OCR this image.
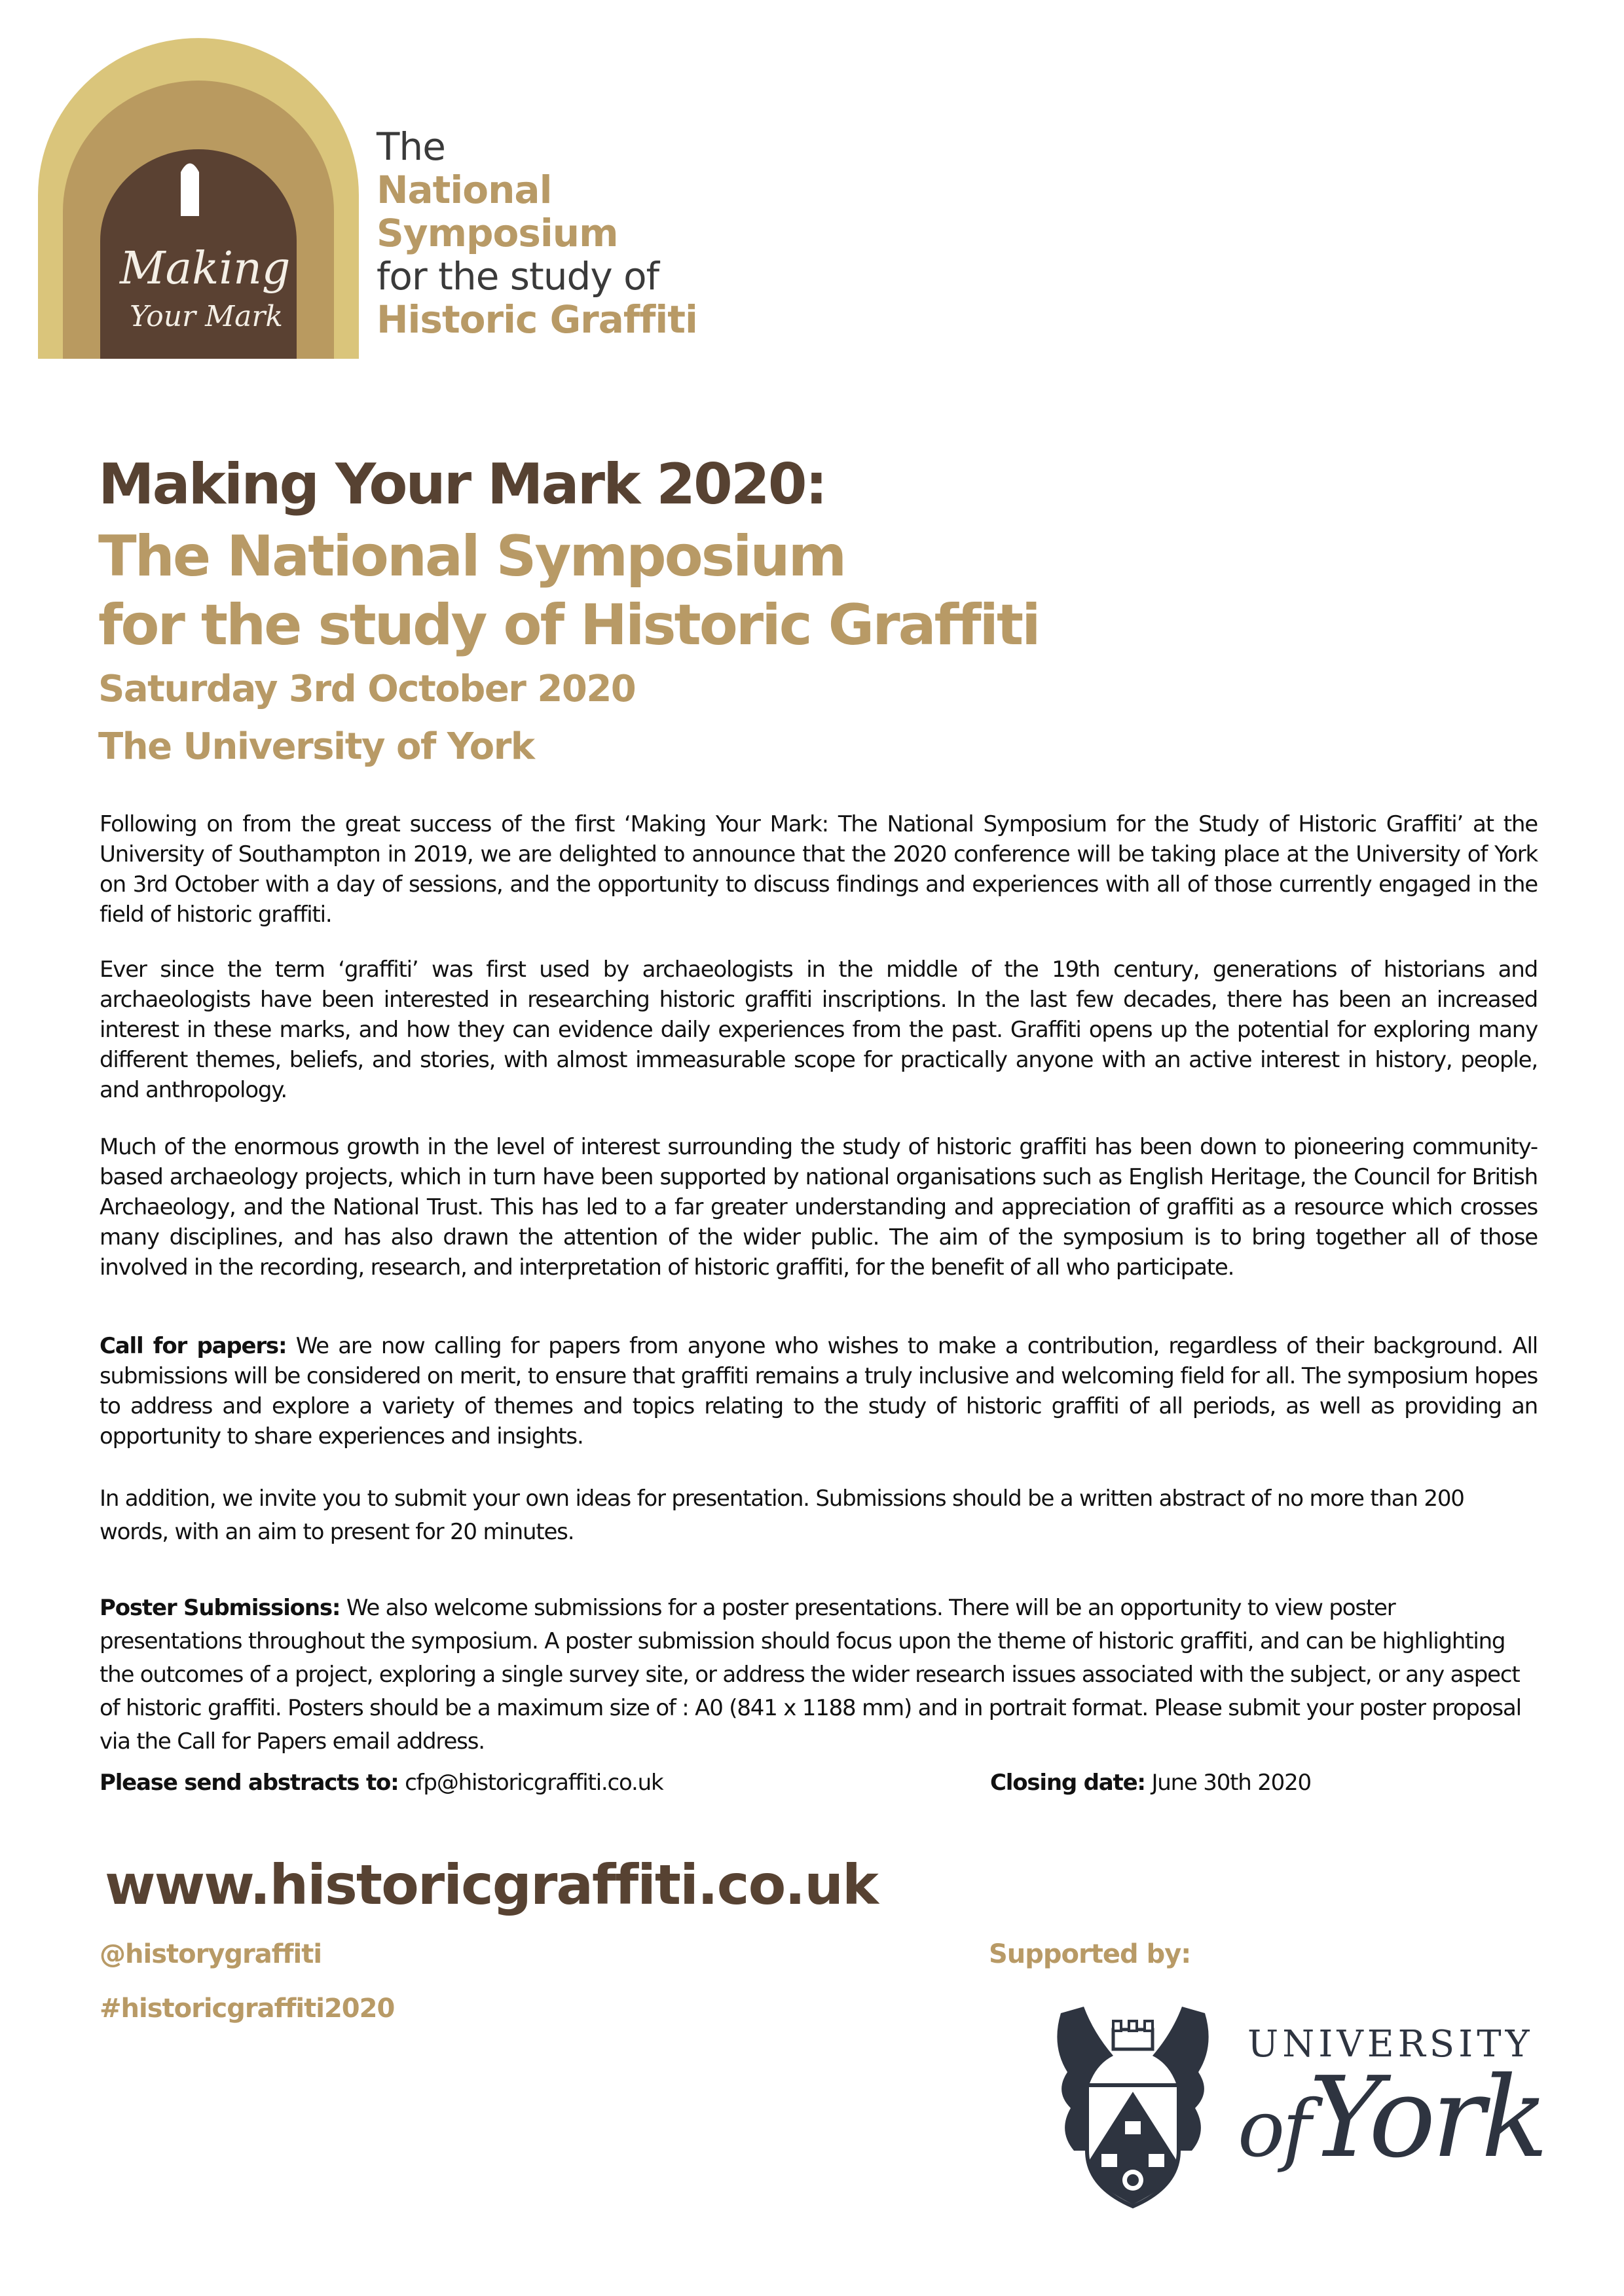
Making
Your Mark
The
National
Symposium
for the study of
Historic Graffiti
Making Your Mark 2020:
The National Symposium
for the study of Historic Graffiti
Saturday 3rd October 2020
The University of York
Following on from the great success of the first ‘Making Your Mark: The National Symposium for the Study of Historic Graffiti’ at the University of Southampton in 2019, we are delighted to announce that the 2020 conference will be taking place at the University of York on 3rd October with a day of sessions, and the opportunity to discuss findings and experiences with all of those currently engaged in the field of historic graffiti.
Ever since the term ‘graffiti’ was first used by archaeologists in the middle of the 19th century, generations of historians and archaeologists have been interested in researching historic graffiti inscriptions. In the last few decades, there has been an increased interest in these marks, and how they can evidence daily experiences from the past. Graffiti opens up the potential for exploring many different themes, beliefs, and stories, with almost immeasurable scope for practically anyone with an active interest in history, people, and anthropology.
Much of the enormous growth in the level of interest surrounding the study of historic graffiti has been down to pioneering community-based archaeology projects, which in turn have been supported by national organisations such as English Heritage, the Council for British Archaeology, and the National Trust. This has led to a far greater understanding and appreciation of graffiti as a resource which crosses many disciplines, and has also drawn the attention of the wider public. The aim of the symposium is to bring together all of those involved in the recording, research, and interpretation of historic graffiti, for the benefit of all who participate.
Call for papers: We are now calling for papers from anyone who wishes to make a contribution, regardless of their background. All submissions will be considered on merit, to ensure that graffiti remains a truly inclusive and welcoming field for all. The symposium hopes to address and explore a variety of themes and topics relating to the study of historic graffiti of all periods, as well as providing an opportunity to share experiences and insights.
In addition, we invite you to submit your own ideas for presentation. Submissions should be a written abstract of no more than 200 words, with an aim to present for 20 minutes.
Poster Submissions: We also welcome submissions for a poster presentations. There will be an opportunity to view poster presentations throughout the symposium. A poster submission should focus upon the theme of historic graffiti, and can be highlighting the outcomes of a project, exploring a single survey site, or address the wider research issues associated with the subject, or any aspect of historic graffiti. Posters should be a maximum size of : A0 (841 x 1188 mm) and in portrait format. Please submit your poster proposal via the Call for Papers email address.
Please send abstracts to: cfp@historicgraffiti.co.uk	Closing date: June 30th 2020
www.historicgraffiti.co.uk
@historygraffiti
#historicgraffiti2020
Supported by:
UNIVERSITY
ofYork
